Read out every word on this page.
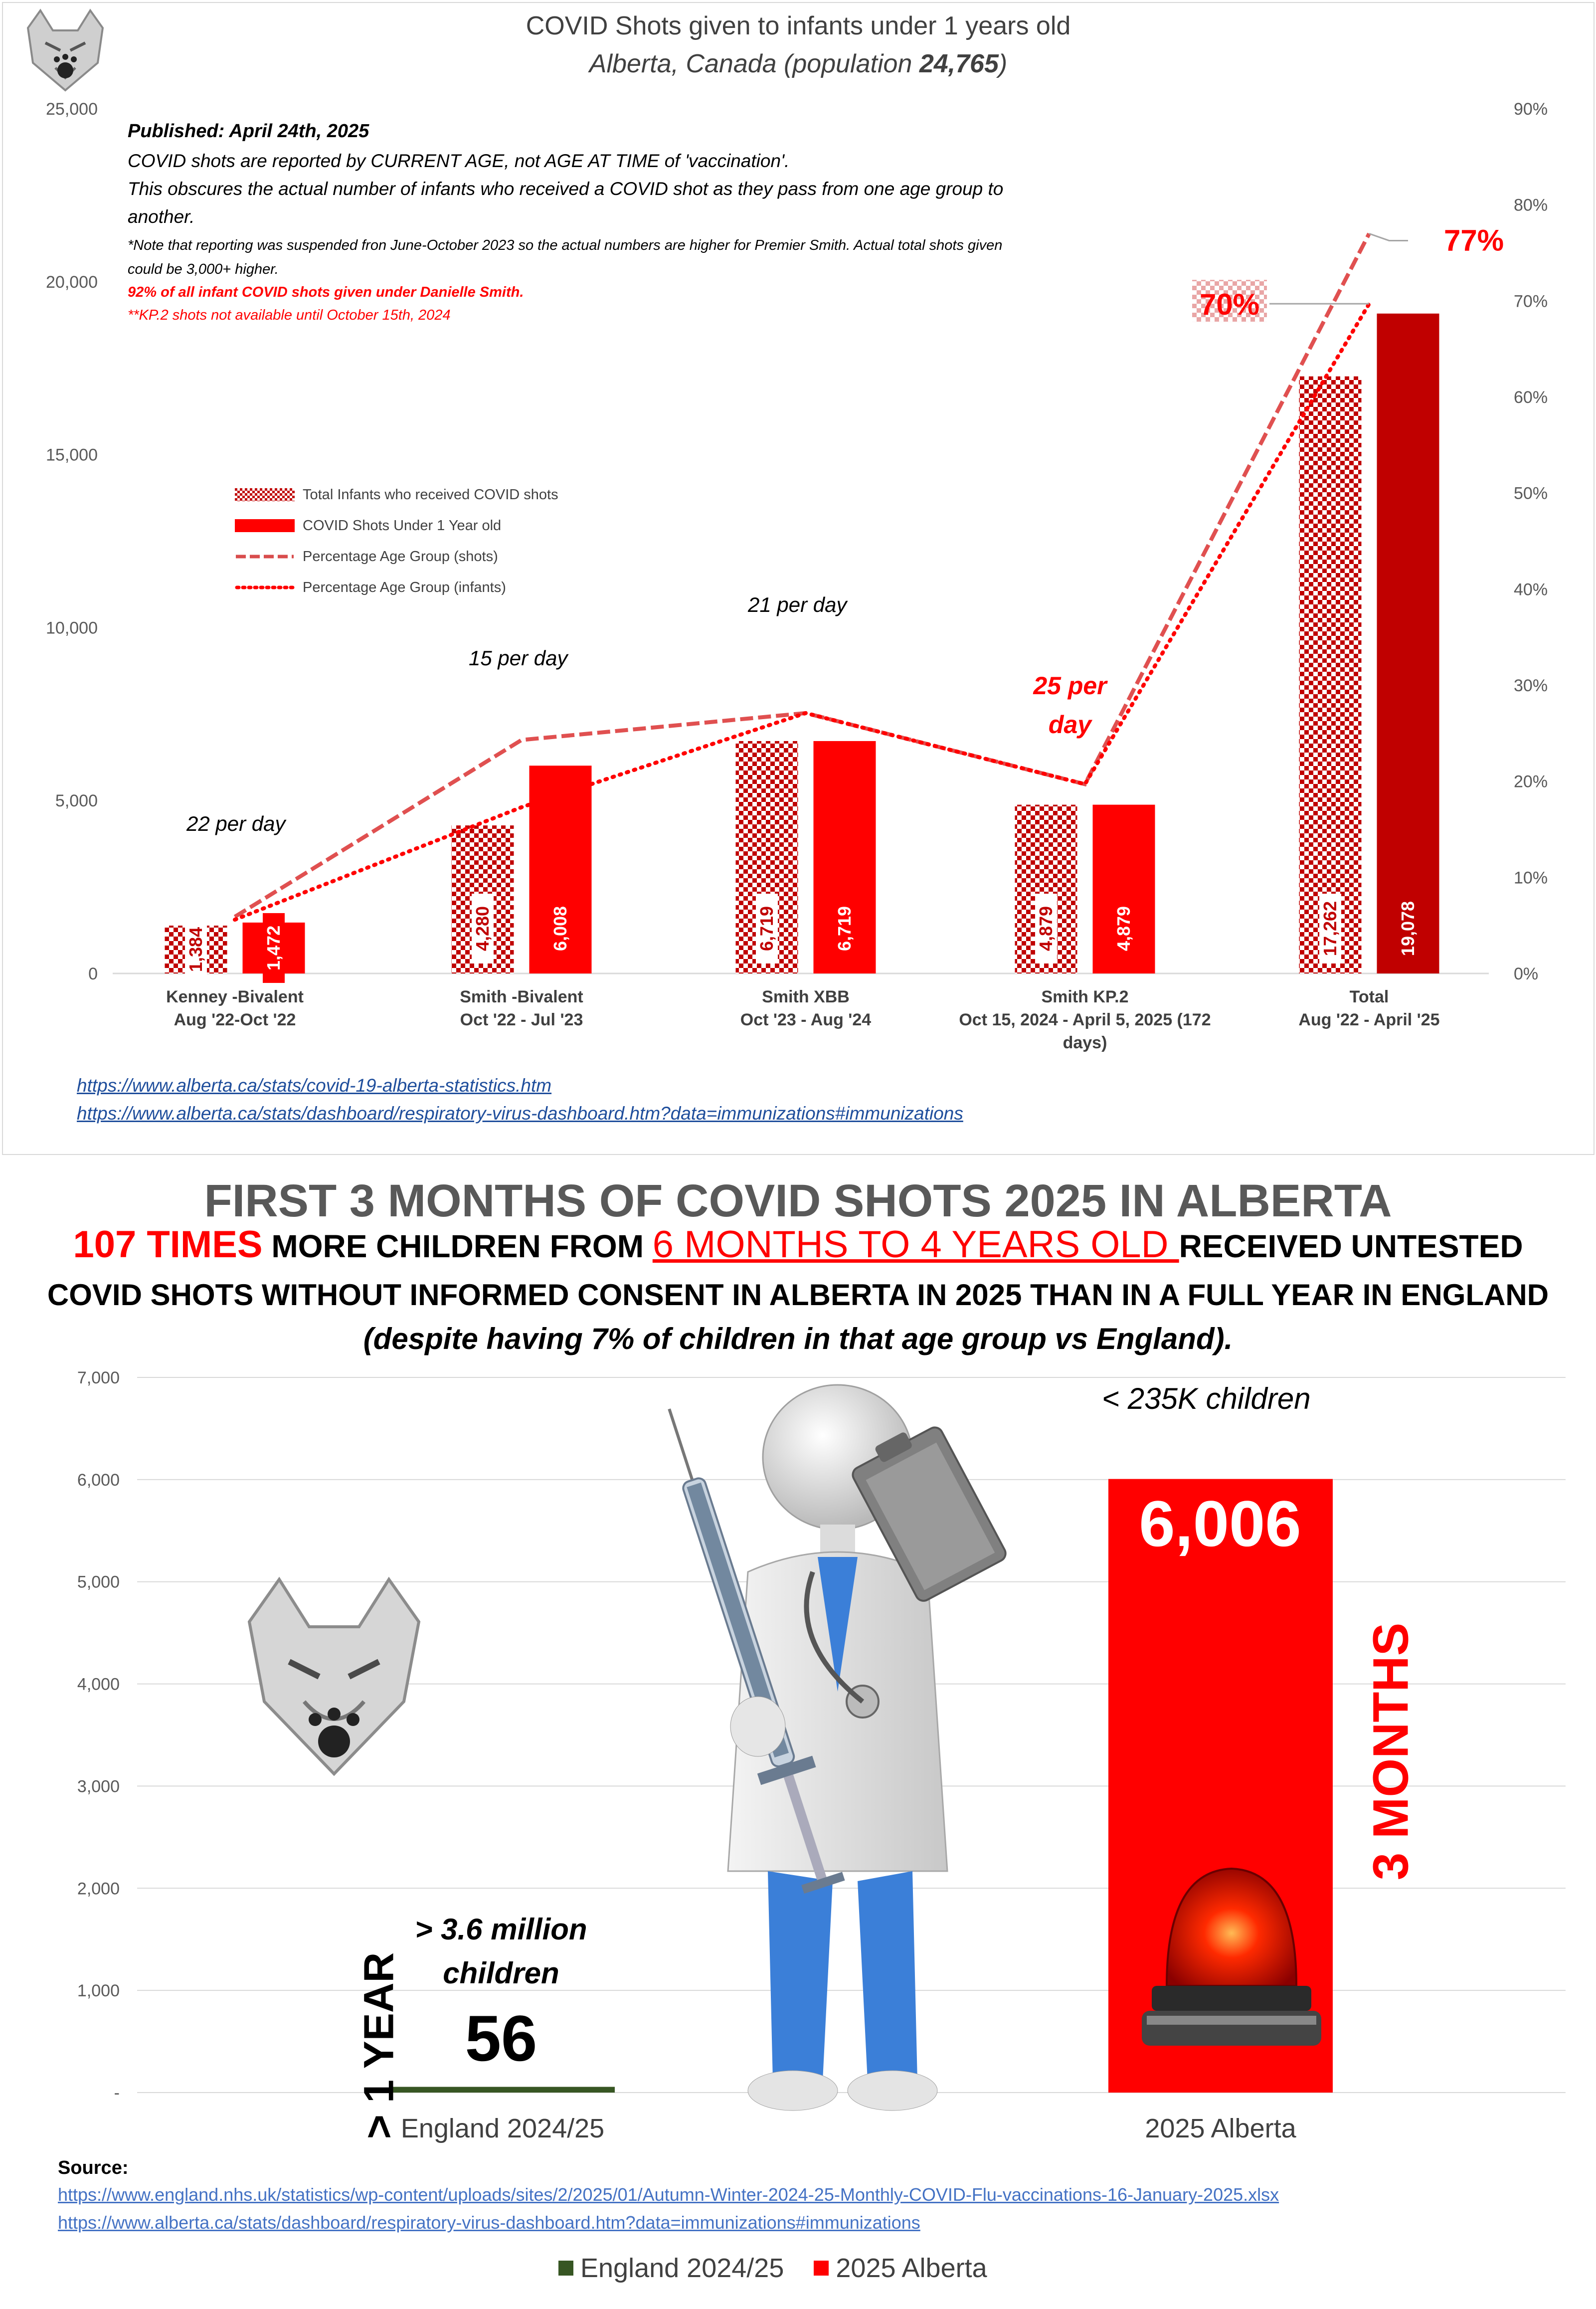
COVID Shots given to infants under 1 years old
Alberta, Canada (population 24,765)
Published: April 24th, 2025
COVID shots are reported by CURRENT AGE, not AGE AT TIME of 'vaccination'.
This obscures the actual number of infants who received a COVID shot as they pass from one age group to
another.
*Note that reporting was suspended fron June-October 2023 so the actual numbers are higher for Premier Smith. Actual total shots given
could be 3,000+ higher.
92% of all infant COVID shots given under Danielle Smith.
**KP.2 shots not available until October 15th, 2024
Total Infants who received COVID shots
COVID Shots Under 1 Year old
Percentage Age Group (shots)
Percentage Age Group (infants)
22 per day
15 per day
21 per day
25 per day
0
5,000
10,000
15,000
20,000
25,000
0%
10%
20%
30%
40%
50%
60%
70%
80%
90%
1,384	1,472	4,280	6,008	6,719	6,719	4,879	4,879	17,262	19,078
70%
77%
Kenney -Bivalent
Aug '22-Oct '22
Smith -Bivalent
Oct '22 - Jul '23
Smith XBB
Oct '23 - Aug '24
Smith KP.2
Oct 15, 2024 - April 5, 2025 (172
days)
Total
Aug '22 - April '25
https://www.alberta.ca/stats/covid-19-alberta-statistics.htm
https://www.alberta.ca/stats/dashboard/respiratory-virus-dashboard.htm?data=immunizations#immunizations
FIRST 3 MONTHS OF COVID SHOTS 2025 IN ALBERTA
107 TIMES MORE CHILDREN FROM 6 MONTHS TO 4 YEARS OLD RECEIVED UNTESTED
COVID SHOTS WITHOUT INFORMED CONSENT IN ALBERTA IN 2025 THAN IN A FULL YEAR IN ENGLAND
(despite having 7% of children in that age group vs England).
-
1,000
2,000
3,000
4,000
5,000
6,000
7,000
England 2024/25	2025 Alberta
< 235K children
6,006
> 3.6 million
children
56
> 1 YEAR
3 MONTHS
Source:
https://www.england.nhs.uk/statistics/wp-content/uploads/sites/2/2025/01/Autumn-Winter-2024-25-Monthly-COVID-Flu-vaccinations-16-January-2025.xlsx
https://www.alberta.ca/stats/dashboard/respiratory-virus-dashboard.htm?data=immunizations#immunizations
England 2024/25 2025 Alberta
